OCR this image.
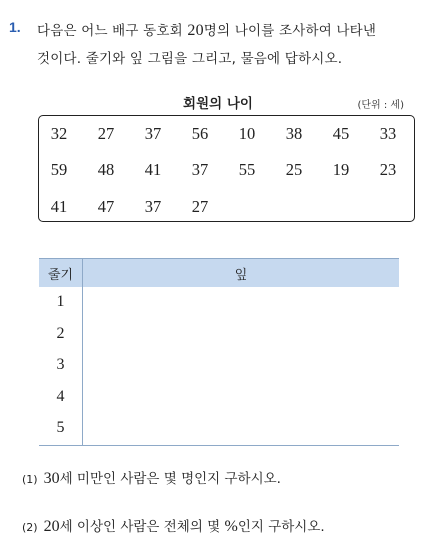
1. 다음은 어느 배구 동호회 20명의 나이를 조사하여 나타낸
것이다. 줄기와 잎 그림을 그리고, 물음에 답하시오.
회원의 나이	(단위 : 세)
32	27	37	56	10	38	45	33
59	48	41	37	55	25	19	23
41	47	37	27
줄기	잎
1
2
3
4
5
(1) 30세 미만인 사람은 몇 명인지 구하시오.
(2) 20세 이상인 사람은 전체의 몇 %인지 구하시오.
